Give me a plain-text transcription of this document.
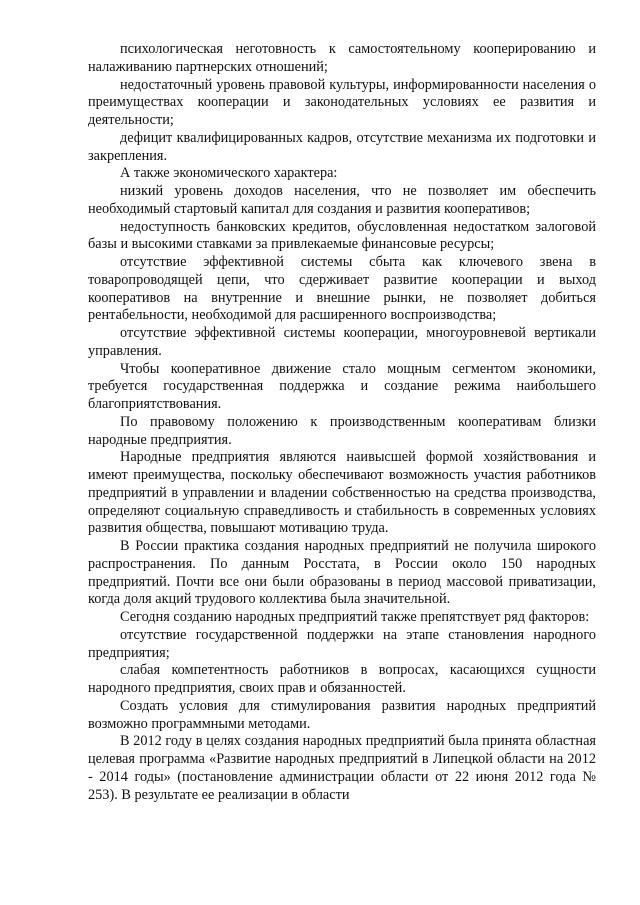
психологическая неготовность к самостоятельному кооперированию и налаживанию партнерских отношений;

недостаточный уровень правовой культуры, информированности населения о преимуществах кооперации и законодательных условиях ее развития и деятельности;

дефицит квалифицированных кадров, отсутствие механизма их подготовки и закрепления.

А также экономического характера:

низкий уровень доходов населения, что не позволяет им обеспечить необходимый стартовый капитал для создания и развития кооперативов;

недоступность банковских кредитов, обусловленная недостатком залоговой базы и высокими ставками за привлекаемые финансовые ресурсы;

отсутствие эффективной системы сбыта как ключевого звена в товаропроводящей цепи, что сдерживает развитие кооперации и выход кооперативов на внутренние и внешние рынки, не позволяет добиться рентабельности, необходимой для расширенного воспроизводства;

отсутствие эффективной системы кооперации, многоуровневой вертикали управления.

Чтобы кооперативное движение стало мощным сегментом экономики, требуется государственная поддержка и создание режима наибольшего благоприятствования.

По правовому положению к производственным кооперативам близки народные предприятия.

Народные предприятия являются наивысшей формой хозяйствования и имеют преимущества, поскольку обеспечивают возможность участия работников предприятий в управлении и владении собственностью на средства производства, определяют социальную справедливость и стабильность в современных условиях развития общества, повышают мотивацию труда.

В России практика создания народных предприятий не получила широкого распространения. По данным Росстата, в России около 150 народных предприятий. Почти все они были образованы в период массовой приватизации, когда доля акций трудового коллектива была значительной.

Сегодня созданию народных предприятий также препятствует ряд факторов:

отсутствие государственной поддержки на этапе становления народного предприятия;

слабая компетентность работников в вопросах, касающихся сущности народного предприятия, своих прав и обязанностей.

Создать условия для стимулирования развития народных предприятий возможно программными методами.

В 2012 году в целях создания народных предприятий была принята областная целевая программа «Развитие народных предприятий в Липецкой области на 2012 - 2014 годы» (постановление администрации области от 22 июня 2012 года № 253). В результате ее реализации в области
